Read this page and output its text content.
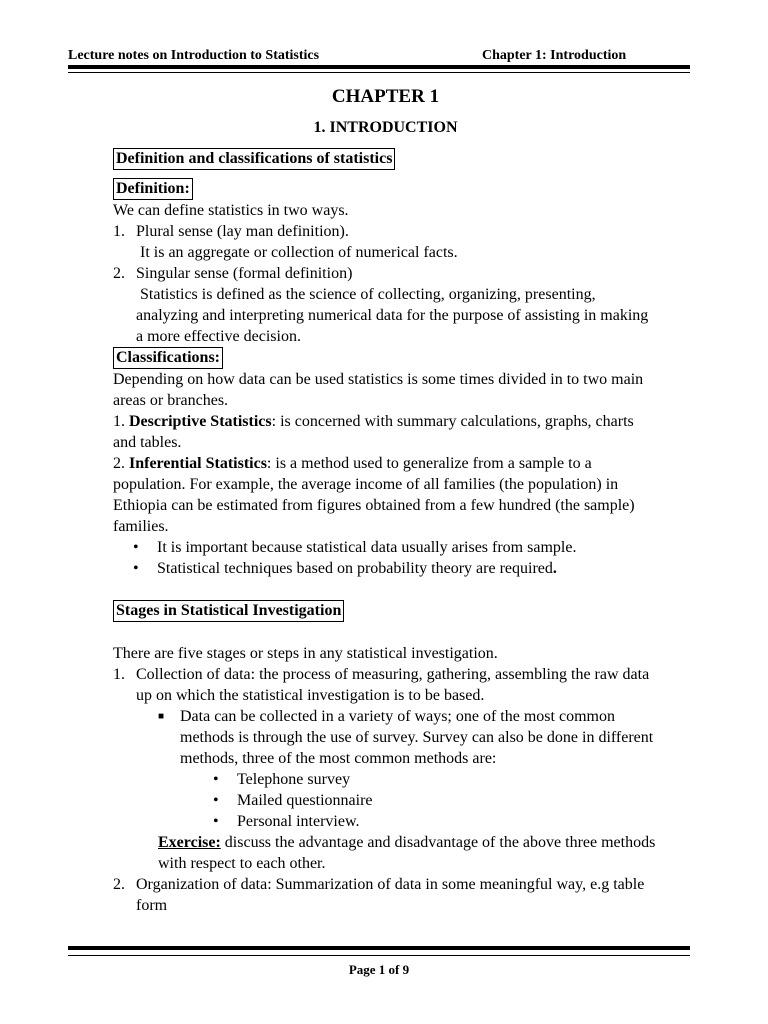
Lecture notes on Introduction to Statistics	Chapter 1: Introduction
CHAPTER 1
1. INTRODUCTION
Definition and classifications of statistics
Definition:

We can define statistics in two ways.

1. Plural sense (lay man definition).

It is an aggregate or collection of numerical facts.

2. Singular sense (formal definition)

Statistics is defined as the science of collecting, organizing, presenting, analyzing and interpreting numerical data for the purpose of assisting in making a more effective decision.

Classifications:

Depending on how data can be used statistics is some times divided in to two main areas or branches.

1. Descriptive Statistics: is concerned with summary calculations, graphs, charts and tables.

2. Inferential Statistics: is a method used to generalize from a sample to a population. For example, the average income of all families (the population) in Ethiopia can be estimated from figures obtained from a few hundred (the sample) families.

•	It is important because statistical data usually arises from sample.
•	Statistical techniques based on probability theory are required.
Stages in Statistical Investigation

There are five stages or steps in any statistical investigation.

1. Collection of data: the process of measuring, gathering, assembling the raw data up on which the statistical investigation is to be based.
■ Data can be collected in a variety of ways; one of the most common methods is through the use of survey. Survey can also be done in different methods, three of the most common methods are:
•	Telephone survey
•	Mailed questionnaire
•	Personal interview.

Exercise: discuss the advantage and disadvantage of the above three methods with respect to each other.

2. Organization of data: Summarization of data in some meaningful way, e.g table form
Page 1 of 9
